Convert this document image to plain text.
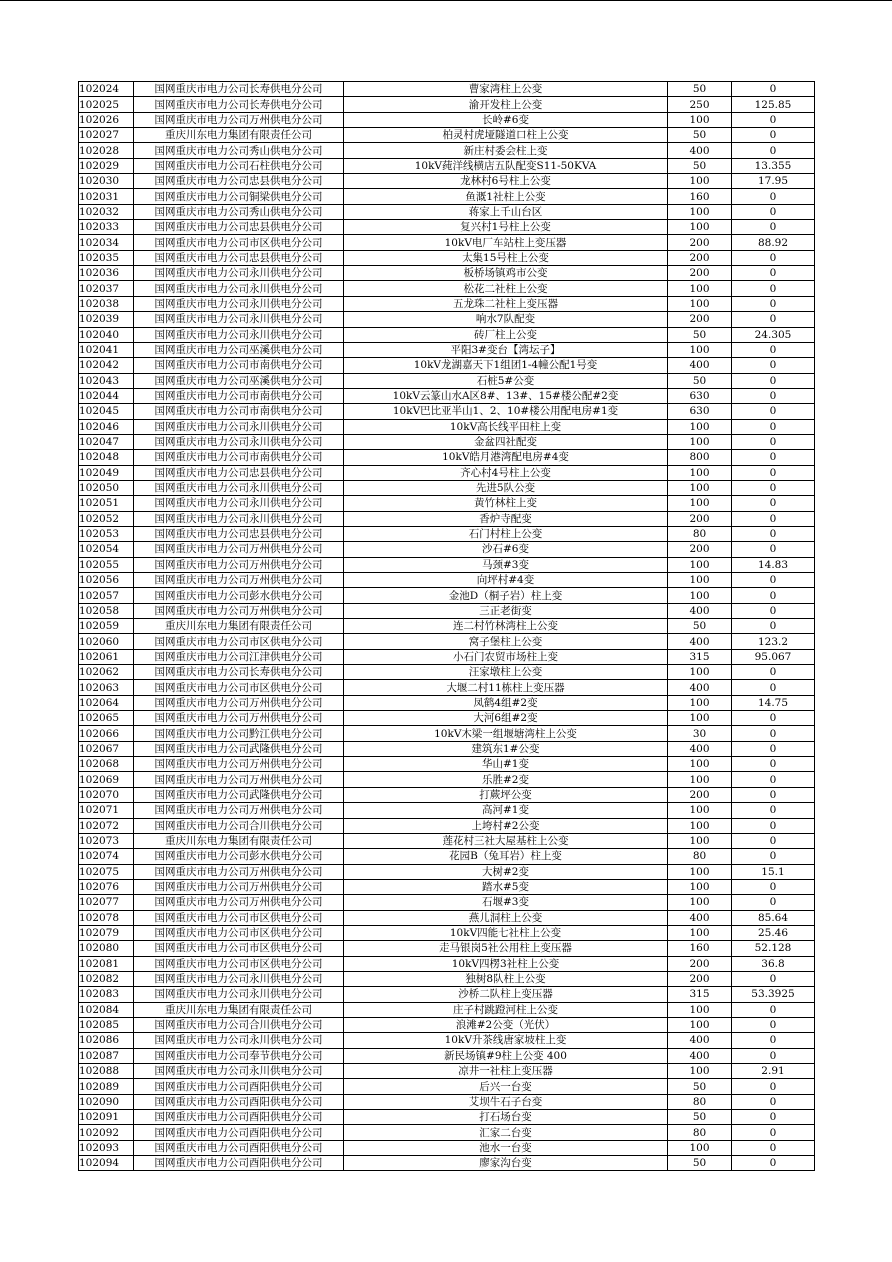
102024	国网重庆市电力公司长寿供电分公司	曹家湾柱上公变	50	0
102025	国网重庆市电力公司长寿供电分公司	渝开发柱上公变	250	125.85
102026	国网重庆市电力公司万州供电分公司	长岭#6变	100	0
102027	重庆川东电力集团有限责任公司	柏灵村虎垭隧道口柱上公变	50	0
102028	国网重庆市电力公司秀山供电分公司	新庄村委会柱上变	400	0
102029	国网重庆市电力公司石柱供电分公司	10kV莼洋线横店五队配变S11-50KVA	50	13.355
102030	国网重庆市电力公司忠县供电分公司	龙林村6号柱上公变	100	17.95
102031	国网重庆市电力公司铜梁供电分公司	鱼溉1社柱上公变	160	0
102032	国网重庆市电力公司秀山供电分公司	蒋家上千山台区	100	0
102033	国网重庆市电力公司忠县供电分公司	复兴村1号柱上公变	100	0
102034	国网重庆市电力公司市区供电分公司	10kV电厂车站柱上变压器	200	88.92
102035	国网重庆市电力公司忠县供电分公司	太集15号柱上公变	200	0
102036	国网重庆市电力公司永川供电分公司	板桥场镇鸡市公变	200	0
102037	国网重庆市电力公司永川供电分公司	松花二社柱上公变	100	0
102038	国网重庆市电力公司永川供电分公司	五龙珠二社柱上变压器	100	0
102039	国网重庆市电力公司永川供电分公司	响水7队配变	200	0
102040	国网重庆市电力公司永川供电分公司	砖厂柱上公变	50	24.305
102041	国网重庆市电力公司巫溪供电分公司	平阳3#变台【湾坛子】	100	0
102042	国网重庆市电力公司市南供电分公司	10kV龙湖嘉天下1组团1-4幢公配1号变	400	0
102043	国网重庆市电力公司巫溪供电分公司	石桩5#公变	50	0
102044	国网重庆市电力公司市南供电分公司	10kV云篆山水A区8#、13#、15#楼公配#2变	630	0
102045	国网重庆市电力公司市南供电分公司	10kV巴比亚半山1、2、10#楼公用配电房#1变	630	0
102046	国网重庆市电力公司永川供电分公司	10kV高长线平田柱上变	100	0
102047	国网重庆市电力公司永川供电分公司	金盆四社配变	100	0
102048	国网重庆市电力公司市南供电分公司	10kV皓月港湾配电房#4变	800	0
102049	国网重庆市电力公司忠县供电分公司	齐心村4号柱上公变	100	0
102050	国网重庆市电力公司永川供电分公司	先进5队公变	100	0
102051	国网重庆市电力公司永川供电分公司	黄竹林柱上变	100	0
102052	国网重庆市电力公司永川供电分公司	香炉寺配变	200	0
102053	国网重庆市电力公司忠县供电分公司	石门村柱上公变	80	0
102054	国网重庆市电力公司万州供电分公司	沙石#6变	200	0
102055	国网重庆市电力公司万州供电分公司	马颈#3变	100	14.83
102056	国网重庆市电力公司万州供电分公司	向坪村#4变	100	0
102057	国网重庆市电力公司彭水供电分公司	金池D（桐子岩）柱上变	100	0
102058	国网重庆市电力公司万州供电分公司	三正老街变	400	0
102059	重庆川东电力集团有限责任公司	连二村竹林湾柱上公变	50	0
102060	国网重庆市电力公司市区供电分公司	窝子堡柱上公变	400	123.2
102061	国网重庆市电力公司江津供电分公司	小石门农贸市场柱上变	315	95.067
102062	国网重庆市电力公司长寿供电分公司	汪家墩柱上公变	100	0
102063	国网重庆市电力公司市区供电分公司	大堰二村11栋柱上变压器	400	0
102064	国网重庆市电力公司万州供电分公司	凤鹤4组#2变	100	14.75
102065	国网重庆市电力公司万州供电分公司	大河6组#2变	100	0
102066	国网重庆市电力公司黔江供电分公司	10kV木梁一组堰塘湾柱上公变	30	0
102067	国网重庆市电力公司武隆供电分公司	建筑东1#公变	400	0
102068	国网重庆市电力公司万州供电分公司	华山#1变	100	0
102069	国网重庆市电力公司万州供电分公司	乐胜#2变	100	0
102070	国网重庆市电力公司武隆供电分公司	打蕨坪公变	200	0
102071	国网重庆市电力公司万州供电分公司	高河#1变	100	0
102072	国网重庆市电力公司合川供电分公司	上垮村#2公变	100	0
102073	重庆川东电力集团有限责任公司	莲花村三社大屋基柱上公变	100	0
102074	国网重庆市电力公司彭水供电分公司	花园B（兔耳岩）柱上变	80	0
102075	国网重庆市电力公司万州供电分公司	大树#2变	100	15.1
102076	国网重庆市电力公司万州供电分公司	踏水#5变	100	0
102077	国网重庆市电力公司万州供电分公司	石堰#3变	100	0
102078	国网重庆市电力公司市区供电分公司	燕儿洞柱上公变	400	85.64
102079	国网重庆市电力公司市区供电分公司	10kV四能七社柱上公变	100	25.46
102080	国网重庆市电力公司市区供电分公司	走马银岗5社公用柱上变压器	160	52.128
102081	国网重庆市电力公司市区供电分公司	10kV四楞3社柱上公变	200	36.8
102082	国网重庆市电力公司永川供电分公司	独树8队柱上公变	200	0
102083	国网重庆市电力公司永川供电分公司	沙桥二队柱上变压器	315	53.3925
102084	重庆川东电力集团有限责任公司	庄子村跳蹬河柱上公变	100	0
102085	国网重庆市电力公司合川供电分公司	浪滩#2公变（光伏）	100	0
102086	国网重庆市电力公司永川供电分公司	10kV升茶线唐家坡柱上变	400	0
102087	国网重庆市电力公司奉节供电分公司	新民场镇#9柱上公变 400	400	0
102088	国网重庆市电力公司永川供电分公司	凉井一社柱上变压器	100	2.91
102089	国网重庆市电力公司酉阳供电分公司	后兴一台变	50	0
102090	国网重庆市电力公司酉阳供电分公司	艾坝牛石子台变	80	0
102091	国网重庆市电力公司酉阳供电分公司	打石场台变	50	0
102092	国网重庆市电力公司酉阳供电分公司	汇家二台变	80	0
102093	国网重庆市电力公司酉阳供电分公司	池水一台变	100	0
102094	国网重庆市电力公司酉阳供电分公司	廖家沟台变	50	0
